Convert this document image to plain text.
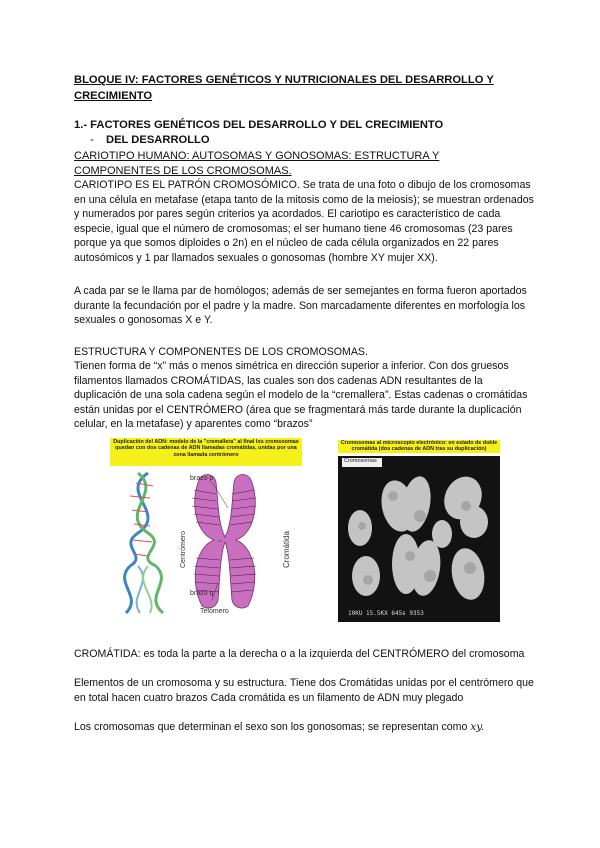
BLOQUE IV: FACTORES GENÉTICOS Y NUTRICIONALES DEL DESARROLLO Y CRECIMIENTO
1.- FACTORES GENÉTICOS DEL DESARROLLO Y DEL CRECIMIENTO
- DEL DESARROLLO
CARIOTIPO HUMANO: AUTOSOMAS Y GONOSOMAS: ESTRUCTURA Y COMPONENTES DE LOS CROMOSOMAS.
CARIOTIPO ES EL PATRÓN CROMOSÓMICO. Se trata de una foto o dibujo de los cromosomas en una célula en metafase (etapa tanto de la mitosis como de la meiosis); se muestran ordenados y numerados por pares según criterios ya acordados. El cariotipo es característico de cada especie, igual que el número de cromosomas; el ser humano tiene 46 cromosomas (23 pares porque ya que somos diploides o 2n) en el núcleo de cada célula organizados en 22 pares autosómicos y 1 par llamados sexuales o gonosomas (hombre XY mujer XX).
A cada par se le llama par de homólogos; además de ser semejantes en forma fueron aportados durante la fecundación por el padre y la madre. Son marcadamente diferentes en morfología los sexuales o gonosomas X e Y.
ESTRUCTURA Y COMPONENTES DE LOS CROMOSOMAS.
Tienen forma de “x” más o menos simétrica en dirección superior a inferior. Con dos gruesos filamentos llamados CROMÁTIDAS, las cuales son dos cadenas ADN resultantes de la duplicación de una sola cadena según el modelo de la “cremallera”. Estas cadenas o cromátidas están unidas por el CENTRÓMERO (área que se fragmentará más tarde durante la duplicación celular, en la metafase) y aparentes como “brazos”
Duplicación del ADN: modelo de la "cremallera" al final los cromosomas quedan con dos cadenas de ADN llamadas cromátidas, unidas por una zona llamada centrómero
brazo p
brazo q
Telómero
Centrómero	Cromátida
Cromosomas al microscopio electrónico: en estado de doble cromátida (dos cadenas de ADN tras su duplicación)
Cromosomas
10KU 15.5KX 645s 9353
CROMÁTIDA: es toda la parte a la derecha o a la izquierda del CENTRÓMERO del cromosoma
Elementos de un cromosoma y su estructura. Tiene dos Cromátidas unidas por el centrómero que en total hacen cuatro brazos Cada cromátida es un filamento de ADN muy plegado
Los cromosomas que determinan el sexo son los gonosomas; se representan como xy.
